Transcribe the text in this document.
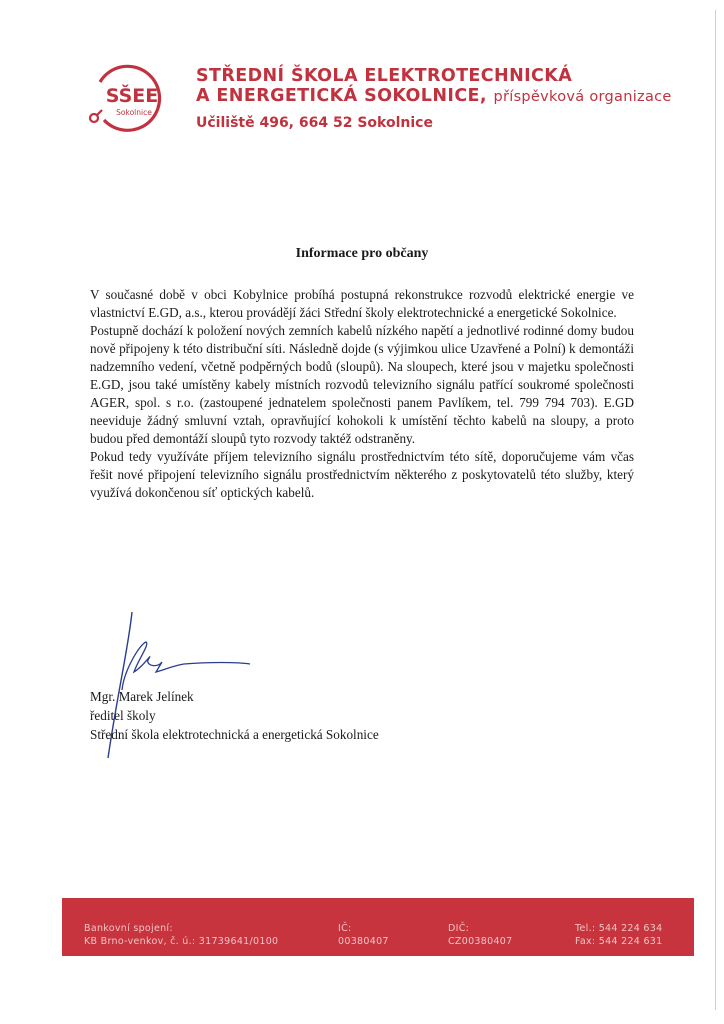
SŠEE
Sokolnice
STŘEDNÍ ŠKOLA ELEKTROTECHNICKÁ
A ENERGETICKÁ SOKOLNICE, příspěvková organizace
Učiliště 496, 664 52 Sokolnice
Informace pro občany

V současné době v obci Kobylnice probíhá postupná rekonstrukce rozvodů elektrické energie ve vlastnictví E.GD, a.s., kterou provádějí žáci Střední školy elektrotechnické a energetické Sokolnice.

Postupně dochází k položení nových zemních kabelů nízkého napětí a jednotlivé rodinné domy budou nově připojeny k této distribuční síti. Následně dojde (s výjimkou ulice Uzavřené a Polní) k demontáži nadzemního vedení, včetně podpěrných bodů (sloupů). Na sloupech, které jsou v majetku společnosti E.GD, jsou také umístěny kabely místních rozvodů televizního signálu patřící soukromé společnosti AGER, spol. s r.o. (zastoupené jednatelem společnosti panem Pavlíkem, tel. 799 794 703). E.GD neeviduje žádný smluvní vztah, opravňující kohokoli k umístění těchto kabelů na sloupy, a proto budou před demontáží sloupů tyto rozvody taktéž odstraněny.

Pokud tedy využíváte příjem televizního signálu prostřednictvím této sítě, doporučujeme vám včas řešit nové připojení televizního signálu prostřednictvím některého z poskytovatelů této služby, který využívá dokončenou síť optických kabelů.

Mgr. Marek Jelínek
ředitel školy
Střední škola elektrotechnická a energetická Sokolnice
Bankovní spojení:
KB Brno-venkov, č. ú.: 31739641/0100
IČ:
00380407
DIČ:
CZ00380407
Tel.: 544 224 634
Fax: 544 224 631
